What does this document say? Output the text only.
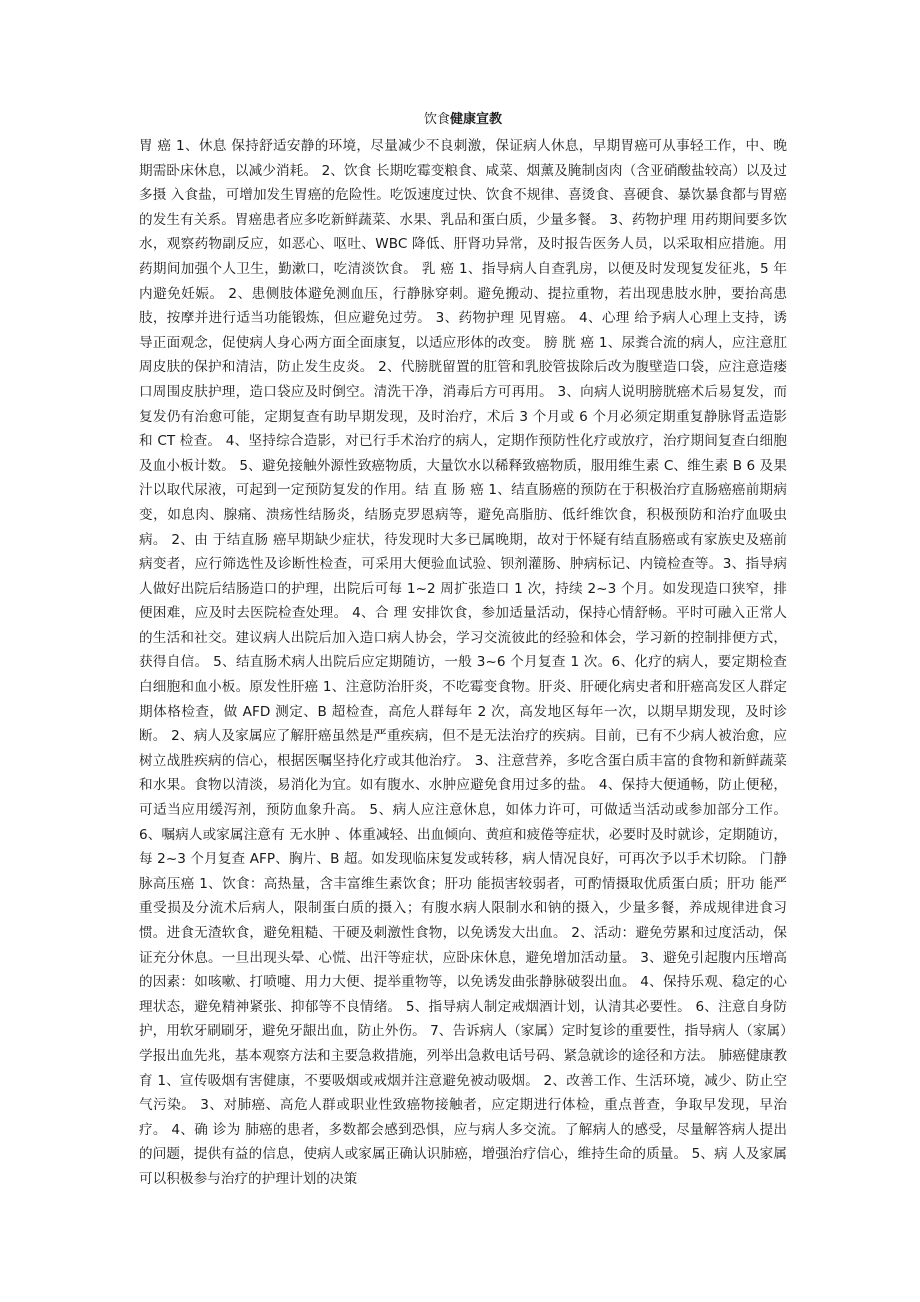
饮食健康宣教

胃 癌 1、休息 保持舒适安静的环境，尽量减少不良刺激，保证病人休息，早期胃癌可从事轻工作，中、晚期需卧床休息，以减少消耗。 2、饮食 长期吃霉变粮食、咸菜、烟薰及腌制卤肉（含亚硝酸盐较高）以及过多摄 入食盐，可增加发生胃癌的危险性。吃饭速度过快、饮食不规律、喜烫食、喜硬食、暴饮暴食都与胃癌的发生有关系。胃癌患者应多吃新鲜蔬菜、水果、乳品和蛋白质，少量多餐。 3、药物护理 用药期间要多饮水，观察药物副反应，如恶心、呕吐、WBC 降低、肝肾功异常，及时报告医务人员，以采取相应措施。用药期间加强个人卫生，勤漱口，吃清淡饮食。 乳 癌 1、指导病人自查乳房，以便及时发现复发征兆，5 年内避免妊娠。 2、患侧肢体避免测血压，行静脉穿刺。避免搬动、提拉重物，若出现患肢水肿，要抬高患肢，按摩并进行适当功能锻炼，但应避免过劳。 3、药物护理 见胃癌。 4、心理 给予病人心理上支持，诱导正面观念，促使病人身心两方面全面康复，以适应形体的改变。 膀 胱 癌 1、尿粪合流的病人，应注意肛周皮肤的保护和清洁，防止发生皮炎。 2、代膀胱留置的肛管和乳胶管拔除后改为腹壁造口袋，应注意造瘘口周围皮肤护理，造口袋应及时倒空。清洗干净，消毒后方可再用。 3、向病人说明膀胱癌术后易复发，而复发仍有治愈可能，定期复查有助早期发现，及时治疗，术后 3 个月或 6 个月必须定期重复静脉肾盂造影和 CT 检查。 4、坚持综合造影，对已行手术治疗的病人，定期作预防性化疗或放疗，治疗期间复查白细胞及血小板计数。 5、避免接触外源性致癌物质，大量饮水以稀释致癌物质，服用维生素 C、维生素 B 6 及果汁以取代尿液，可起到一定预防复发的作用。结 直 肠 癌 1、结直肠癌的预防在于积极治疗直肠癌癌前期病变，如息肉、腺痛、溃疡性结肠炎，结肠克罗恩病等，避免高脂肪、低纤维饮食，积极预防和治疗血吸虫病。 2、由 于结直肠 癌早期缺少症状，待发现时大多已属晚期，故对于怀疑有结直肠癌或有家族史及癌前病变者，应行筛选性及诊断性检查，可采用大便验血试验、钡剂灌肠、肿病标记、内镜检查等。3、指导病人做好出院后结肠造口的护理，出院后可每 1~2 周扩张造口 1 次，持续 2~3 个月。如发现造口狭窄，排便困难，应及时去医院检查处理。 4、合 理 安排饮食，参加适量活动，保持心情舒畅。平时可融入正常人的生活和社交。建议病人出院后加入造口病人协会，学习交流彼此的经验和体会，学习新的控制排便方式，获得自信。 5、结直肠术病人出院后应定期随访，一般 3~6 个月复查 1 次。6、化疗的病人，要定期检查白细胞和血小板。原发性肝癌 1、注意防治肝炎，不吃霉变食物。肝炎、肝硬化病史者和肝癌高发区人群定期体格检查，做 AFD 测定、B 超检查，高危人群每年 2 次，高发地区每年一次，以期早期发现，及时诊断。 2、病人及家属应了解肝癌虽然是严重疾病，但不是无法治疗的疾病。目前，已有不少病人被治愈，应树立战胜疾病的信心，根据医嘱坚持化疗或其他治疗。 3、注意营养，多吃含蛋白质丰富的食物和新鲜蔬菜和水果。食物以清淡，易消化为宜。如有腹水、水肿应避免食用过多的盐。 4、保持大便通畅，防止便秘，可适当应用缓泻剂，预防血象升高。 5、病人应注意休息，如体力许可，可做适当活动或参加部分工作。 6、嘱病人或家属注意有 无水肿 、体重减轻、出血倾向、黄疸和疲倦等症状，必要时及时就诊，定期随访，每 2~3 个月复查 AFP、胸片、B 超。如发现临床复发或转移，病人情况良好，可再次予以手术切除。 门静脉高压癌 1、饮食：高热量，含丰富维生素饮食；肝功 能损害较弱者，可酌情摄取优质蛋白质；肝功 能严重受损及分流术后病人，限制蛋白质的摄入；有腹水病人限制水和钠的摄入，少量多餐，养成规律进食习惯。进食无渣软食，避免粗糙、干硬及刺激性食物，以免诱发大出血。 2、活动：避免劳累和过度活动，保证充分休息。一旦出现头晕、心慌、出汗等症状，应卧床休息，避免增加活动量。 3、避免引起腹内压增高的因素：如咳嗽、打喷嚏、用力大便、提举重物等，以免诱发曲张静脉破裂出血。 4、保持乐观、稳定的心理状态，避免精神紧张、抑郁等不良情绪。 5、指导病人制定戒烟酒计划，认清其必要性。 6、注意自身防护，用软牙刷刷牙，避免牙龈出血，防止外伤。 7、告诉病人（家属）定时复诊的重要性，指导病人（家属）学报出血先兆，基本观察方法和主要急救措施，列举出急救电话号码、紧急就诊的途径和方法。 肺癌健康教育 1、宣传吸烟有害健康，不要吸烟或戒烟并注意避免被动吸烟。 2、改善工作、生活环境，减少、防止空气污染。 3、对肺癌、高危人群或职业性致癌物接触者，应定期进行体检，重点普查，争取早发现，早治疗。 4、确 诊为 肺癌的患者，多数都会感到恐惧，应与病人多交流。了解病人的感受，尽量解答病人提出的问题，提供有益的信息，使病人或家属正确认识肺癌，增强治疗信心，维持生命的质量。 5、病 人及家属可以积极参与治疗的护理计划的决策
